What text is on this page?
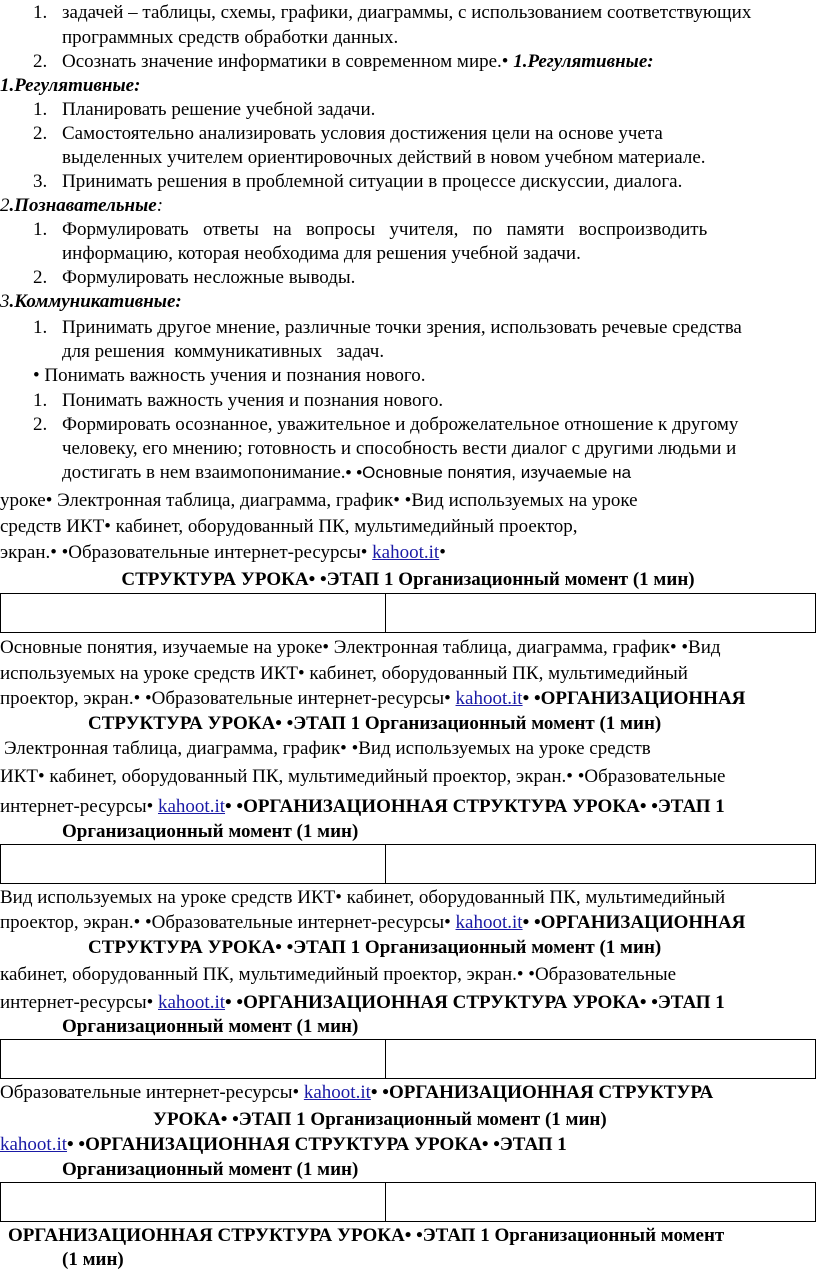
1. задачей – таблицы, схемы, графики, диаграммы, с использованием соответствующих
программных средств обработки данных.
2. Осознать значение информатики в современном мире.• 1.Регулятивные:
1.Регулятивные:
1. Планировать решение учебной задачи.
2. Самостоятельно анализировать условия достижения цели на основе учета
выделенных учителем ориентировочных действий в новом учебном материале.
3. Принимать решения в проблемной ситуации в процессе дискуссии, диалога.
2.Познавательные:
1. Формулировать   ответы   на   вопросы   учителя,   по   памяти   воспроизводить
информацию, которая необходима для решения учебной задачи.
2. Формулировать несложные выводы.
3.Коммуникативные:
1. Принимать другое мнение, различные точки зрения, использовать речевые средства
для решения  коммуникативных   задач.
• Понимать важность учения и познания нового.
1. Понимать важность учения и познания нового.
2. Формировать осознанное, уважительное и доброжелательное отношение к другому
человеку, его мнению; готовность и способность вести диалог с другими людьми и
достигать в нем взаимопонимание.• •Основные понятия, изучаемые на
уроке• Электронная таблица, диаграмма, график• •Вид используемых на уроке
средств ИКТ• кабинет, оборудованный ПК, мультимедийный проектор,
экран.• •Образовательные интернет-ресурсы• kahoot.it•
СТРУКТУРА УРОКА• •ЭТАП 1 Организационный момент (1 мин)
Основные понятия, изучаемые на уроке• Электронная таблица, диаграмма, график• •Вид
используемых на уроке средств ИКТ• кабинет, оборудованный ПК, мультимедийный
проектор, экран.• •Образовательные интернет-ресурсы• kahoot.it• •ОРГАНИЗАЦИОННАЯ
СТРУКТУРА УРОКА• •ЭТАП 1 Организационный момент (1 мин)
Электронная таблица, диаграмма, график• •Вид используемых на уроке средств
ИКТ• кабинет, оборудованный ПК, мультимедийный проектор, экран.• •Образовательные
интернет-ресурсы• kahoot.it• •ОРГАНИЗАЦИОННАЯ СТРУКТУРА УРОКА• •ЭТАП 1
Организационный момент (1 мин)
Вид используемых на уроке средств ИКТ• кабинет, оборудованный ПК, мультимедийный
проектор, экран.• •Образовательные интернет-ресурсы• kahoot.it• •ОРГАНИЗАЦИОННАЯ
СТРУКТУРА УРОКА• •ЭТАП 1 Организационный момент (1 мин)
кабинет, оборудованный ПК, мультимедийный проектор, экран.• •Образовательные
интернет-ресурсы• kahoot.it• •ОРГАНИЗАЦИОННАЯ СТРУКТУРА УРОКА• •ЭТАП 1
Организационный момент (1 мин)
Образовательные интернет-ресурсы• kahoot.it• •ОРГАНИЗАЦИОННАЯ СТРУКТУРА
УРОКА• •ЭТАП 1 Организационный момент (1 мин)
kahoot.it• •ОРГАНИЗАЦИОННАЯ СТРУКТУРА УРОКА• •ЭТАП 1
Организационный момент (1 мин)
ОРГАНИЗАЦИОННАЯ СТРУКТУРА УРОКА• •ЭТАП 1 Организационный момент
(1 мин)
